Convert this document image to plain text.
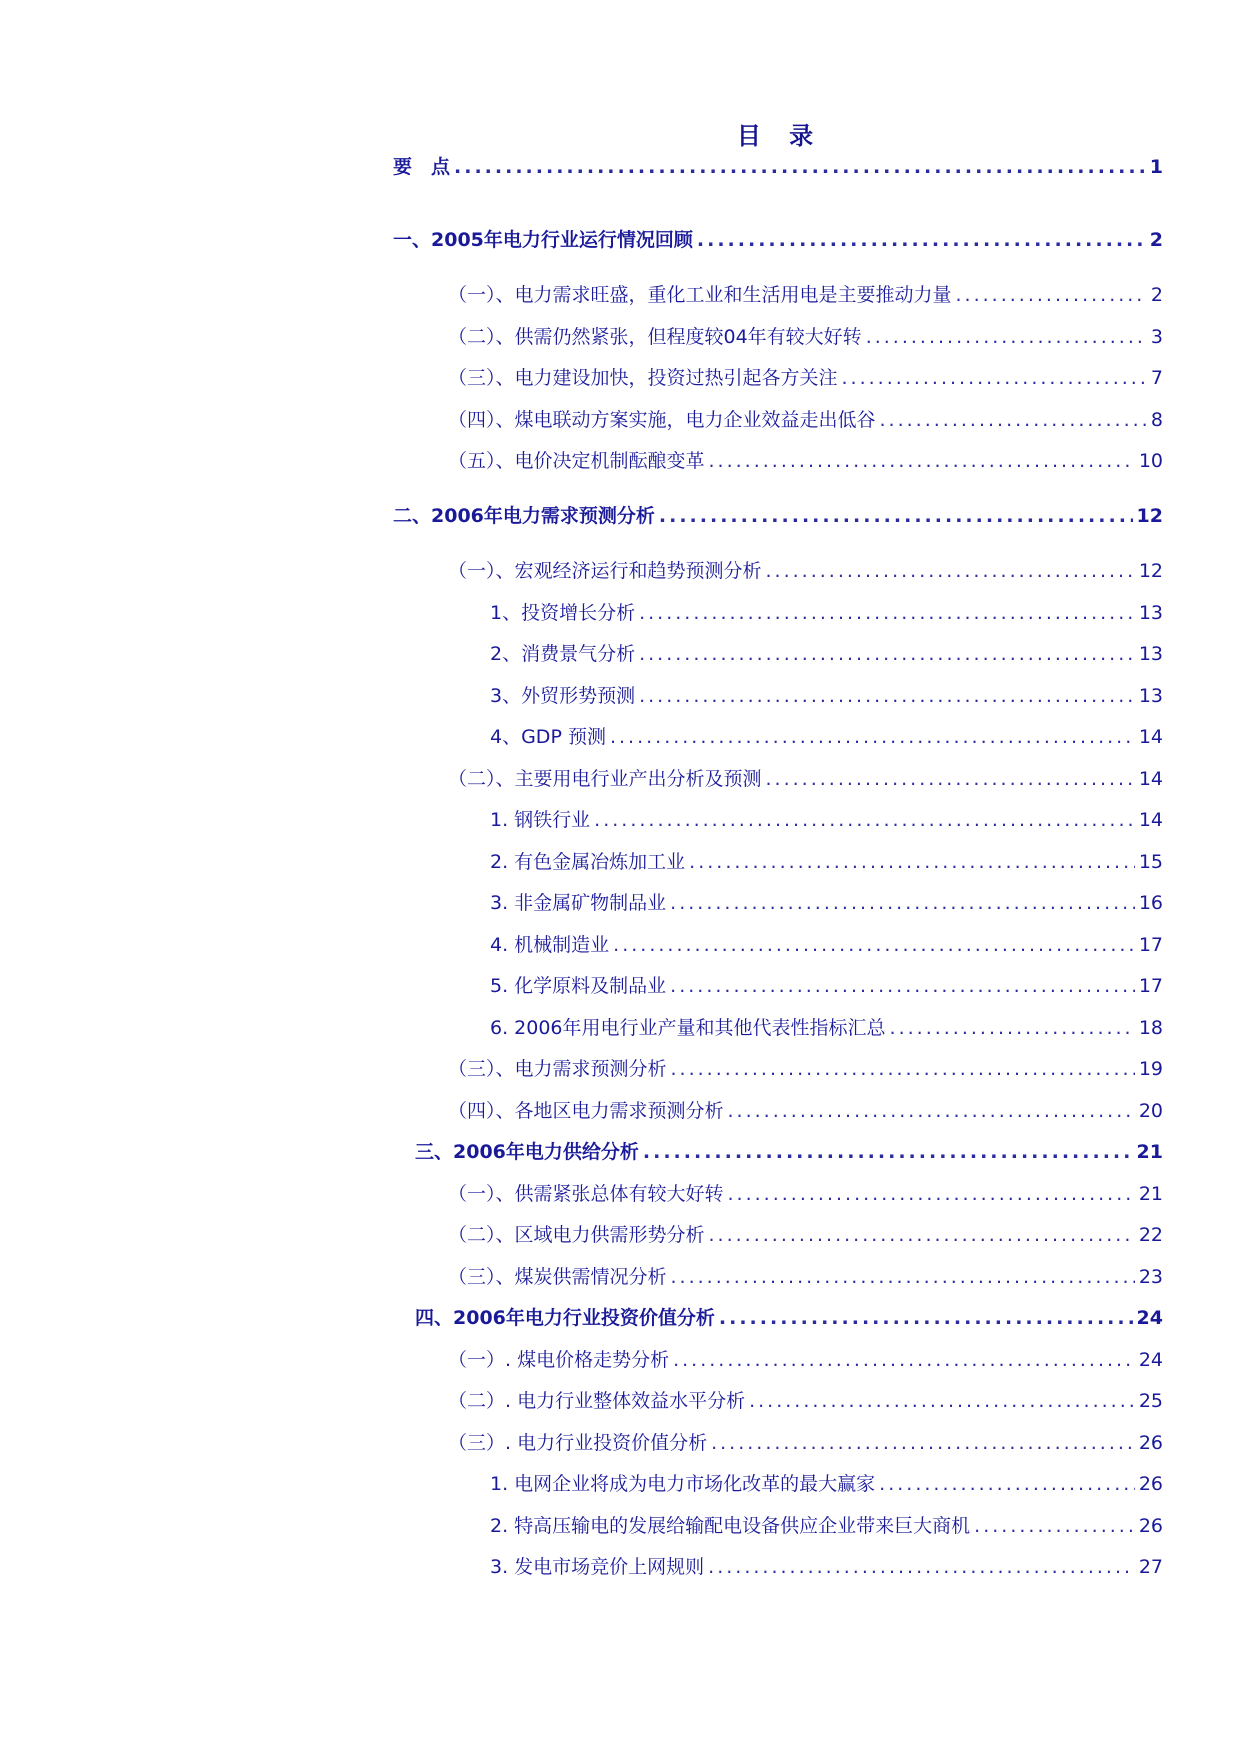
目 录
要　点 .....	1
一、2005年电力行业运行情况回顾 .....	2
（一）、电力需求旺盛，重化工业和生活用电是主要推动力量 .....	2
（二）、供需仍然紧张，但程度较04年有较大好转 .....	3
（三）、电力建设加快，投资过热引起各方关注 .....	7
（四）、煤电联动方案实施，电力企业效益走出低谷 .....	8
（五）、电价决定机制酝酿变革 .....	10
二、2006年电力需求预测分析 .....	12
（一）、宏观经济运行和趋势预测分析 .....	12
1、投资增长分析 .....	13
2、消费景气分析 .....	13
3、外贸形势预测 .....	13
4、GDP 预测 .....	14
（二）、主要用电行业产出分析及预测 .....	14
1. 钢铁行业 .....	14
2. 有色金属冶炼加工业 .....	15
3. 非金属矿物制品业 .....	16
4. 机械制造业 .....	17
5. 化学原料及制品业 .....	17
6. 2006年用电行业产量和其他代表性指标汇总 .....	18
（三）、电力需求预测分析 .....	19
（四）、各地区电力需求预测分析 .....	20
三、2006年电力供给分析 .....	21
（一）、供需紧张总体有较大好转 .....	21
（二）、区域电力供需形势分析 .....	22
（三）、煤炭供需情况分析 .....	23
四、2006年电力行业投资价值分析 .....	24
（一）. 煤电价格走势分析 .....	24
（二）. 电力行业整体效益水平分析 .....	25
（三）. 电力行业投资价值分析 .....	26
1. 电网企业将成为电力市场化改革的最大赢家 .....	26
2. 特高压输电的发展给输配电设备供应企业带来巨大商机 .....	26
3. 发电市场竞价上网规则 .....	27
